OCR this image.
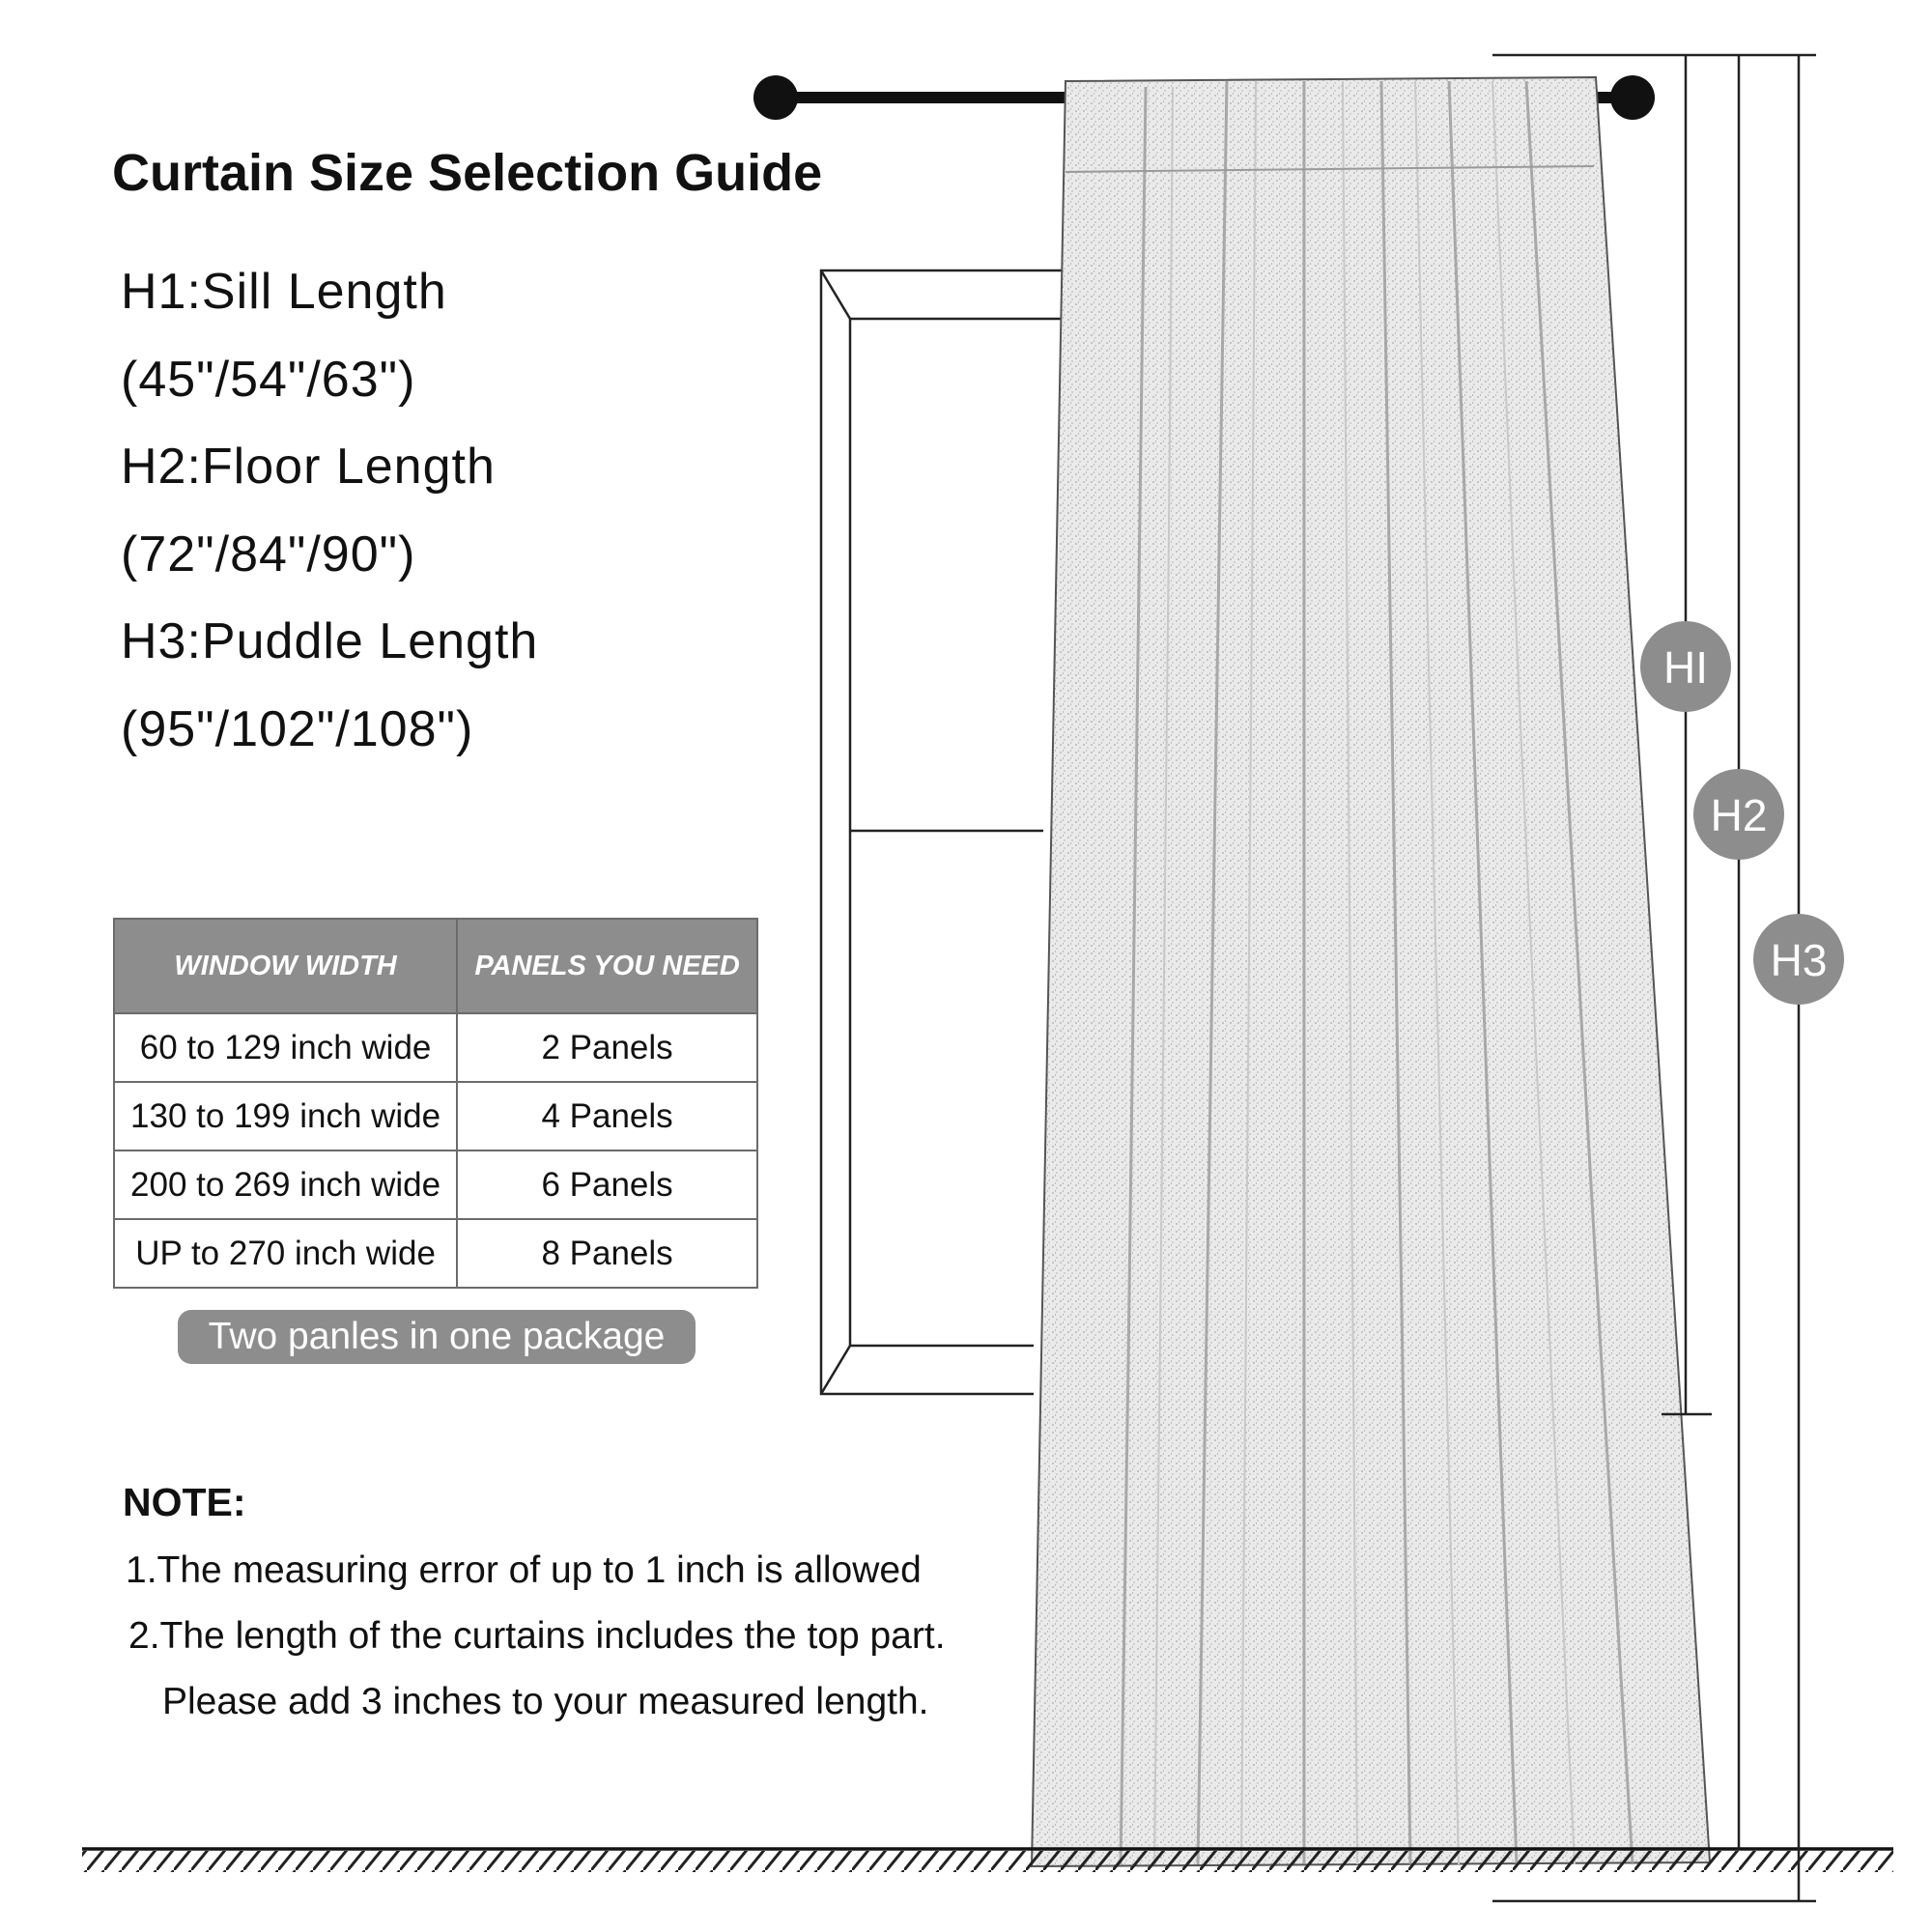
HI
H2
H3
Curtain Size Selection Guide
H1:Sill Length
(45"/54"/63")
H2:Floor Length
(72"/84"/90")
H3:Puddle Length
(95"/102"/108")
WINDOW WIDTH	PANELS YOU NEED
60 to 129 inch wide	2 Panels
130 to 199 inch wide	4 Panels
200 to 269 inch wide	6 Panels
UP to 270 inch wide	8 Panels
Two panles in one package
NOTE:
1.The measuring error of up to 1 inch is allowed
2.The length of the curtains includes the top part.
Please add 3 inches to your measured length.
